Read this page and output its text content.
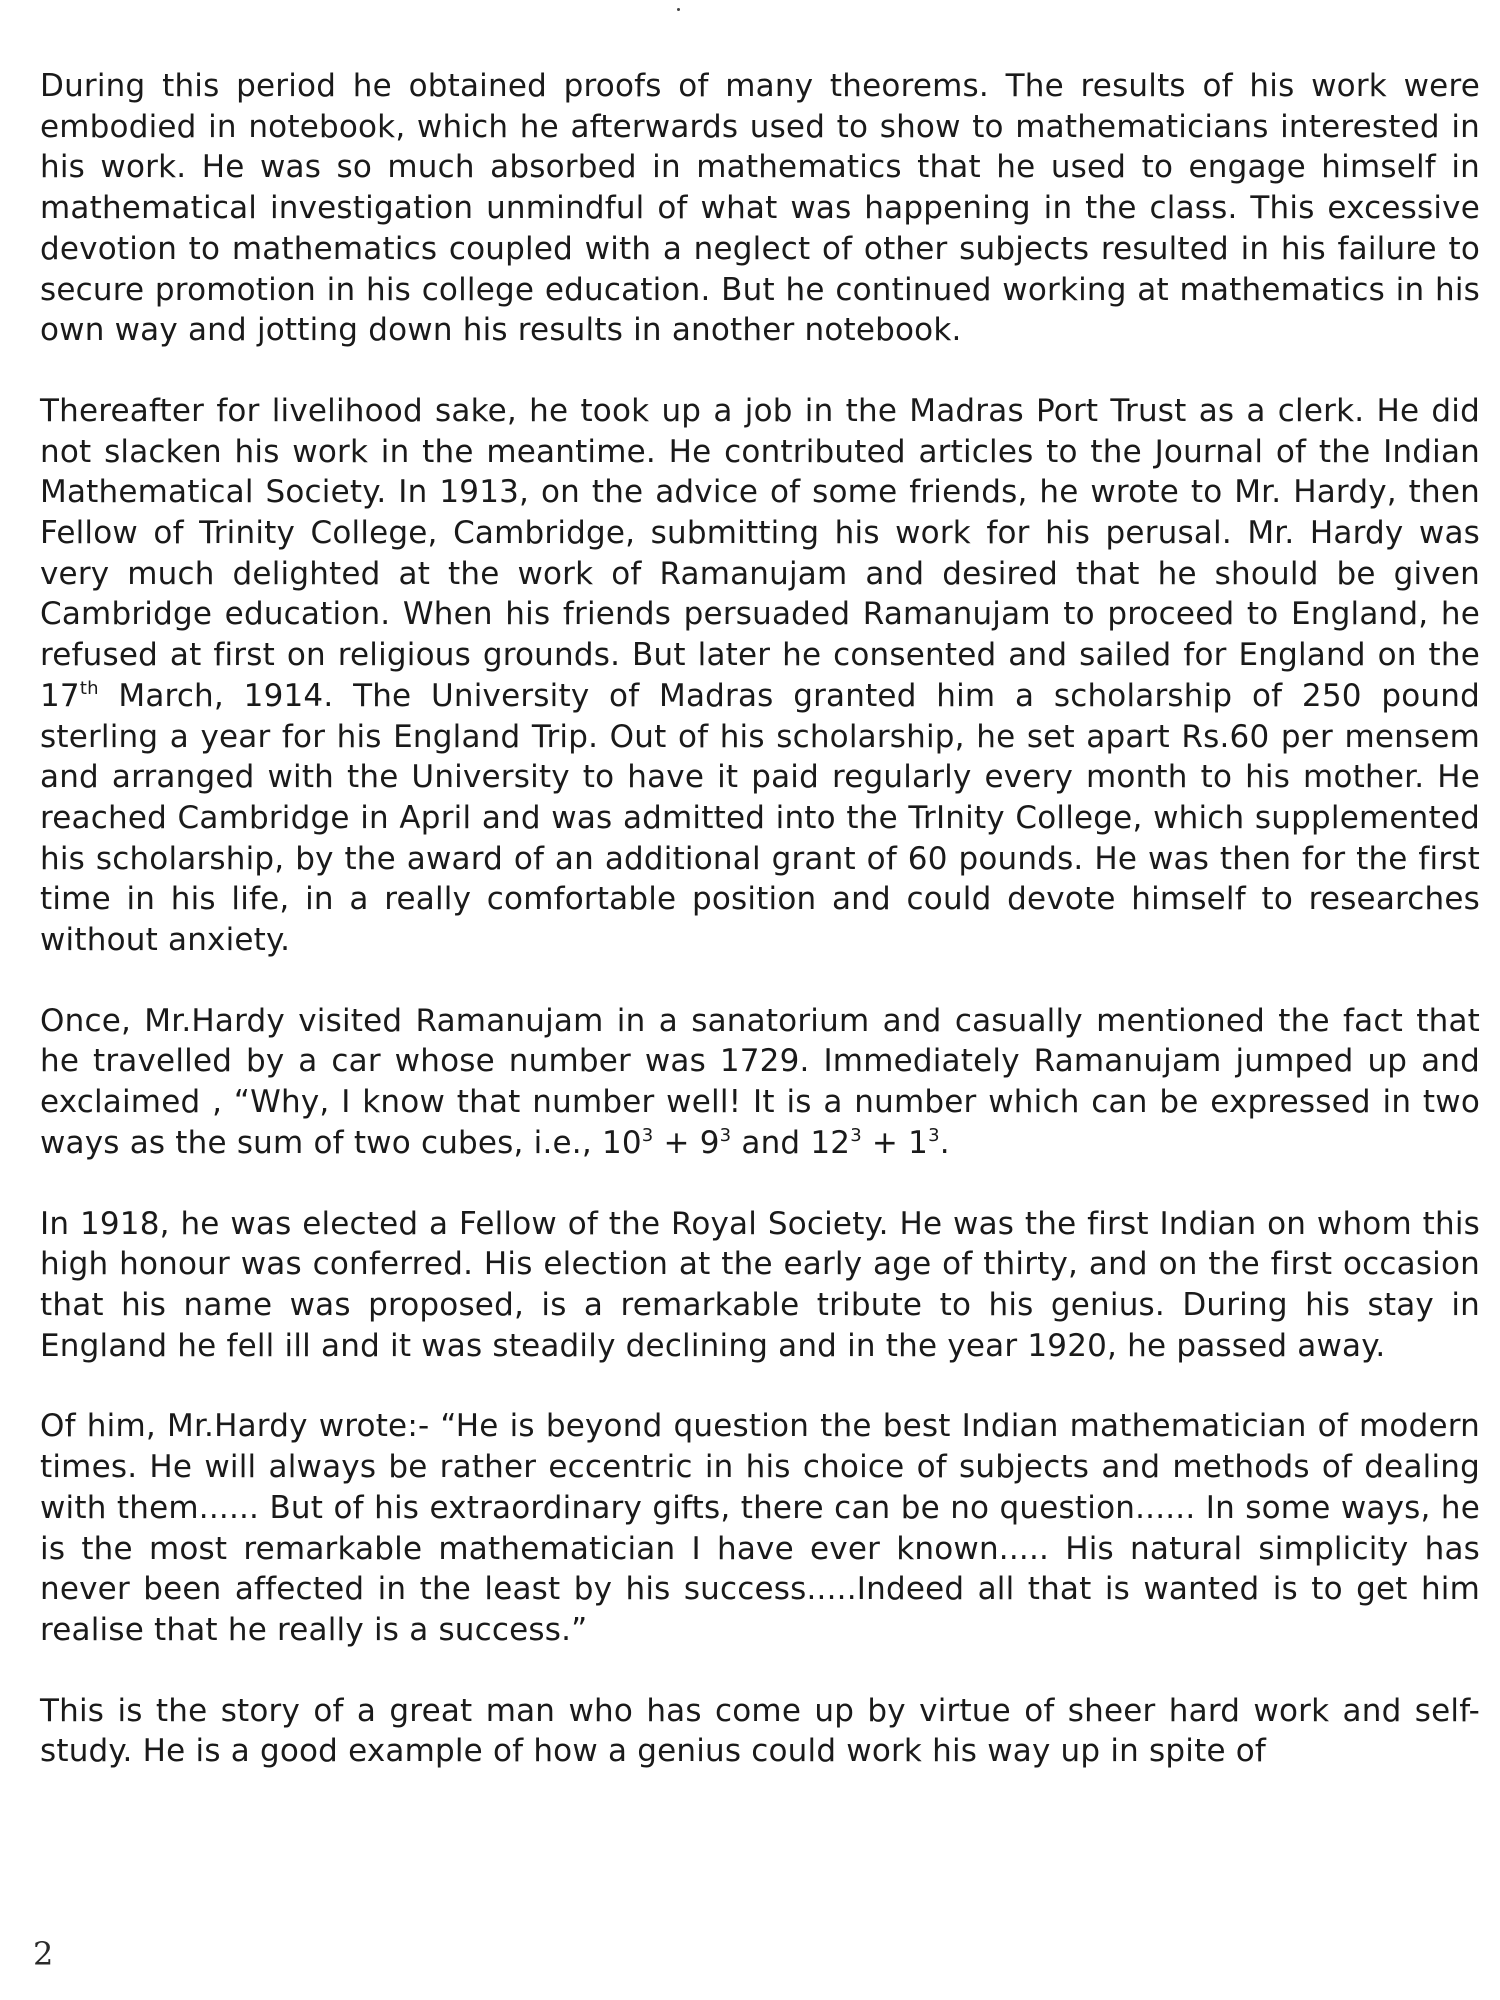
During this period he obtained proofs of many theorems. The results of his work were embodied in notebook, which he afterwards used to show to mathematicians interested in his work. He was so much absorbed in mathematics that he used to engage himself in mathematical investigation unmindful of what was happening in the class. This excessive devotion to mathematics coupled with a neglect of other subjects resulted in his failure to secure promotion in his college education. But he continued working at mathematics in his own way and jotting down his results in another notebook.

Thereafter for livelihood sake, he took up a job in the Madras Port Trust as a clerk. He did not slacken his work in the meantime. He contributed articles to the Journal of the Indian Mathematical Society. In 1913, on the advice of some friends, he wrote to Mr. Hardy, then Fellow of Trinity College, Cambridge, submitting his work for his perusal. Mr. Hardy was very much delighted at the work of Ramanujam and desired that he should be given Cambridge education. When his friends persuaded Ramanujam to proceed to England, he refused at first on religious grounds. But later he consented and sailed for England on the 17th March, 1914. The University of Madras granted him a scholarship of 250 pound sterling a year for his England Trip. Out of his scholarship, he set apart Rs.60 per mensem and arranged with the University to have it paid regularly every month to his mother. He reached Cambridge in April and was admitted into the TrInity College, which supplemented his scholarship, by the award of an additional grant of 60 pounds. He was then for the first time in his life, in a really comfortable position and could devote himself to researches without anxiety.

Once, Mr.Hardy visited Ramanujam in a sanatorium and casually mentioned the fact that he travelled by a car whose number was 1729. Immediately Ramanujam jumped up and exclaimed , “Why, I know that number well! It is a number which can be expressed in two ways as the sum of two cubes, i.e., $10^3 + 9^3$ and $12^3 + 1^3$.

In 1918, he was elected a Fellow of the Royal Society. He was the first Indian on whom this high honour was conferred. His election at the early age of thirty, and on the first occasion that his name was proposed, is a remarkable tribute to his genius. During his stay in England he fell ill and it was steadily declining and in the year 1920, he passed away.

Of him, Mr.Hardy wrote:- “He is beyond question the best Indian mathematician of modern times. He will always be rather eccentric in his choice of subjects and methods of dealing with them...... But of his extraordinary gifts, there can be no question...... In some ways, he is the most remarkable mathematician I have ever known..... His natural simplicity has never been affected in the least by his success.....Indeed all that is wanted is to get him realise that he really is a success.”

This is the story of a great man who has come up by virtue of sheer hard work and self-study. He is a good example of how a genius could work his way up in spite of

2
